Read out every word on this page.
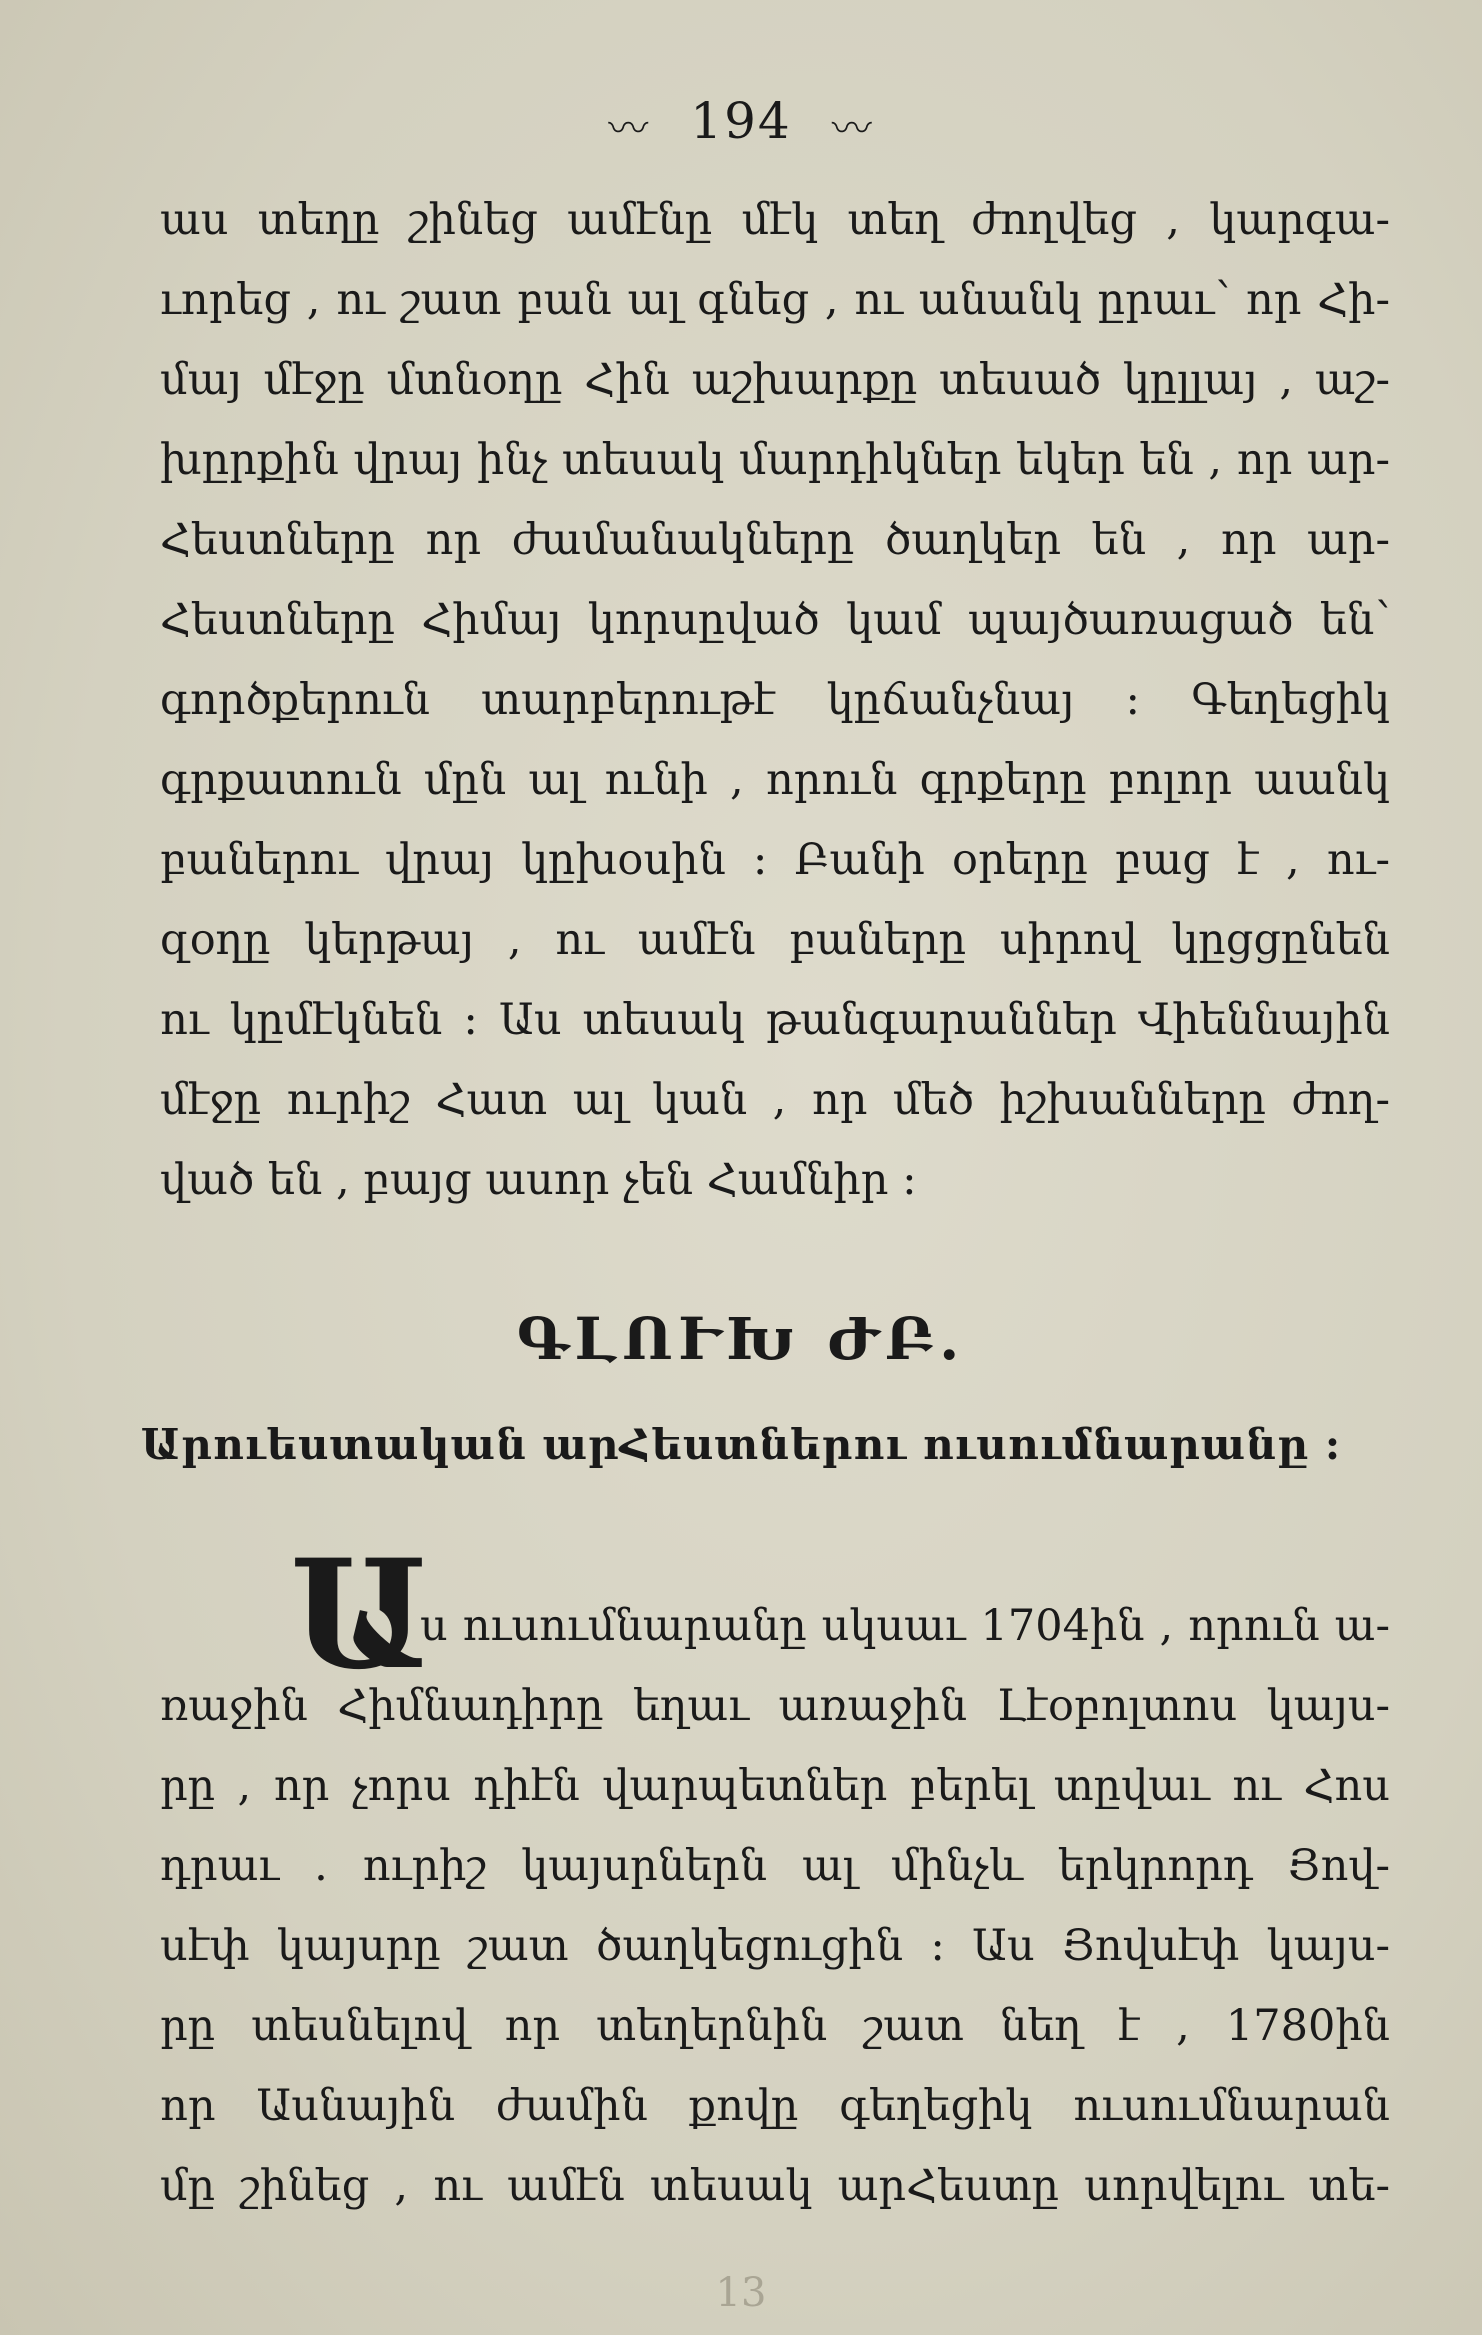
〰 194 〰
աս տեղը շինեց ամէնը մէկ տեղ ժողվեց , կարգա-
ւորեց , ու շատ բան ալ գնեց , ու անանկ ըրաւ՝ որ Հի-
մայ մէջը մտնօղը Հին աշխարքը տեսած կըլլայ , աշ-
խըրքին վրայ ինչ տեսակ մարդիկներ եկեր են , որ ար-
Հեստները որ ժամանակները ծաղկեր են , որ ար-
Հեստները Հիմայ կորսըված կամ պայծառացած են՝
գործքերուն տարբերութէ կըճանչնայ : Գեղեցիկ
գրքատուն մըն ալ ունի , որուն գրքերը բոլոր աանկ
բաներու վրայ կըխօսին : Բանի օրերը բաց է , ու-
զօղը կերթայ , ու ամէն բաները սիրով կըցցընեն
ու կըմէկնեն : Աս տեսակ թանգարաններ Վիեննային
մէջը ուրիշ Հատ ալ կան , որ մեծ իշխանները ժող-
ված են , բայց ասոր չեն Համնիր :
ԳԼՈՒԽ ԺԲ.
Արուեստական արՀեստներու ուսումնարանը :
Ա
ս ուսումնարանը սկսաւ 1704ին , որուն ա-
ռաջին Հիմնադիրը եղաւ առաջին Լէօբոլտոս կայս-
րը , որ չորս դիէն վարպետներ բերել տըվաւ ու Հոս
դրաւ . ուրիշ կայսրներն ալ մինչև երկրորդ Յով-
սէփ կայսրը շատ ծաղկեցուցին : Աս Յովսէփ կայս-
րը տեսնելով որ տեղերնին շատ նեղ է , 1780ին
որ Ասնային ժամին քովը գեղեցիկ ուսումնարան
մը շինեց , ու ամէն տեսակ արՀեստը սորվելու տե-
13
